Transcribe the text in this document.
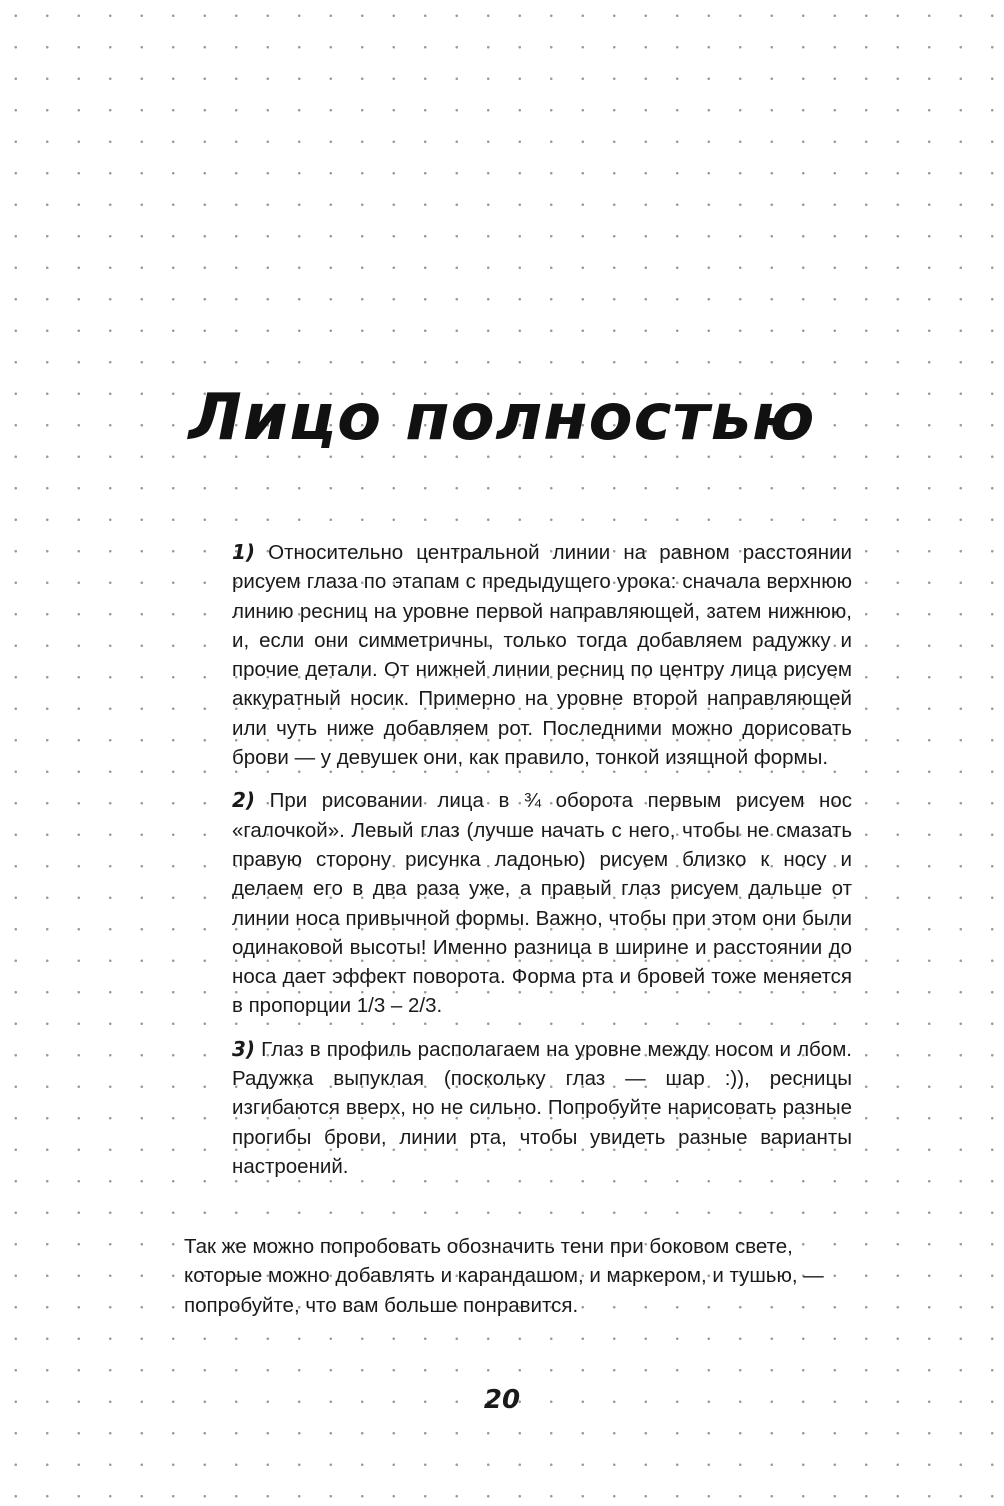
Лицо полностью

1) Относительно центральной линии на равном расстоянии рисуем глаза по этапам с предыдущего урока: сначала верхнюю линию ресниц на уровне первой направляющей, затем нижнюю, и, если они симметричны, только тогда добавляем радужку и прочие детали. От нижней линии ресниц по центру лица рисуем аккуратный носик. Примерно на уровне второй направляющей или чуть ниже добавляем рот. Последними можно дорисовать брови — у девушек они, как правило, тонкой изящной формы.

2) При рисовании лица в ¾ оборота первым рисуем нос «галочкой». Левый глаз (лучше начать с него, чтобы не смазать правую сторону рисунка ладонью) рисуем близко к носу и делаем его в два раза уже, а правый глаз рисуем дальше от линии носа привычной формы. Важно, чтобы при этом они были одинаковой высоты! Именно разница в ширине и расстоянии до носа дает эффект поворота. Форма рта и бровей тоже меняется в пропорции 1/3 – 2/3.

3) Глаз в профиль располагаем на уровне между носом и лбом. Радужка выпуклая (поскольку глаз — шар :)), ресницы изгибаются вверх, но не сильно. Попробуйте нарисовать разные прогибы брови, линии рта, чтобы увидеть разные варианты настроений.

Так же можно попробовать обозначить тени при боковом свете, которые можно добавлять и карандашом, и маркером, и тушью, — попробуйте, что вам больше понравится.

20
